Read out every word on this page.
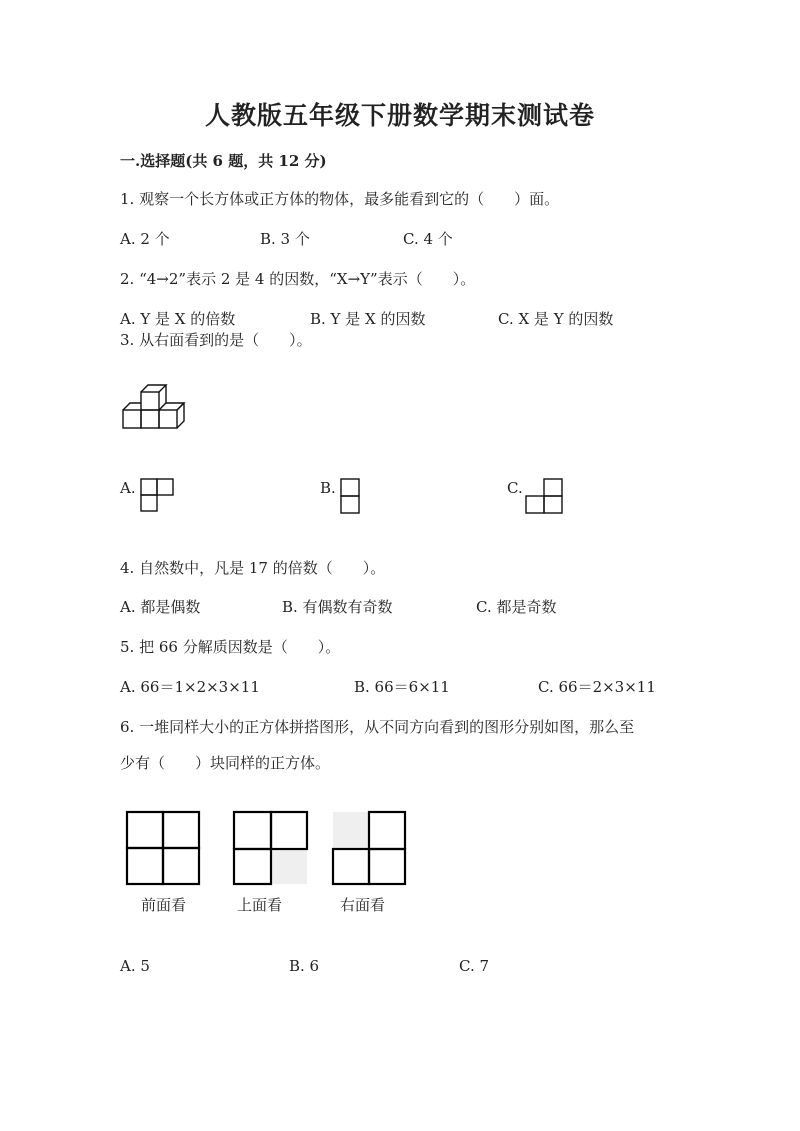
人教版五年级下册数学期末测试卷
一.选择题(共 6 题，共 12 分)
1. 观察一个长方体或正方体的物体，最多能看到它的（　　）面。
A. 2 个	B. 3 个	C. 4 个
2. “4→2”表示 2 是 4 的因数，“X→Y”表示（　　）。
A. Y 是 X 的倍数	B. Y 是 X 的因数	C. X 是 Y 的因数
3. 从右面看到的是（　　）。
A.	B.	C.
4. 自然数中，凡是 17 的倍数（　　）。
A. 都是偶数	B. 有偶数有奇数	C. 都是奇数
5. 把 66 分解质因数是（　　）。
A. 66＝1×2×3×11	B. 66＝6×11	C. 66＝2×3×11
6. 一堆同样大小的正方体拼搭图形，从不同方向看到的图形分别如图，那么至
少有（　　）块同样的正方体。
前面看	上面看	右面看
A. 5	B. 6	C. 7
